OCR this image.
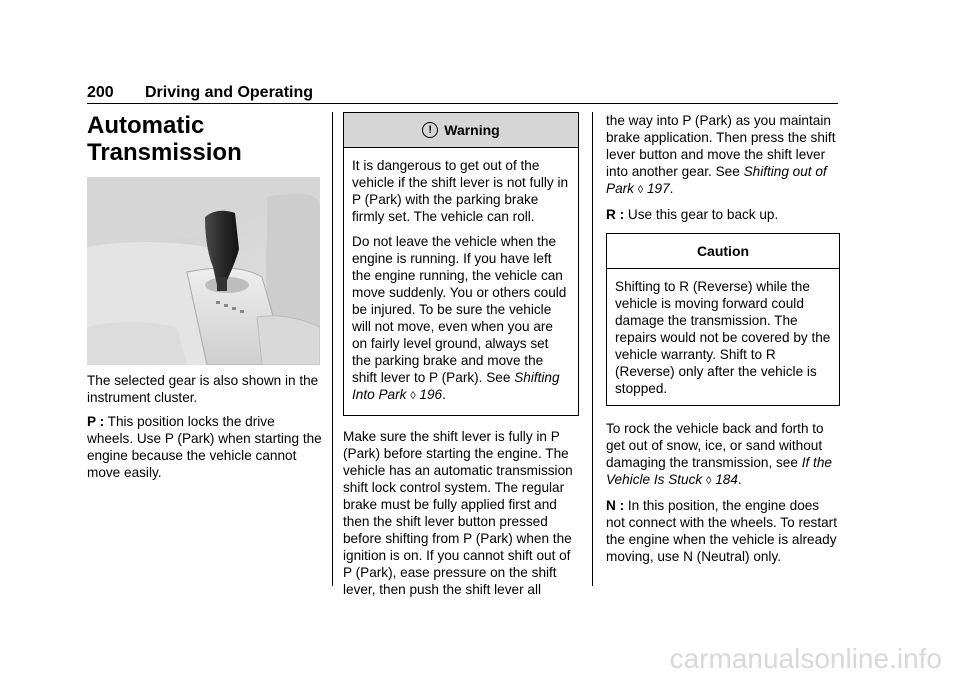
200 Driving and Operating
Automatic
Transmission

The selected gear is also shown in the instrument cluster.

P : This position locks the drive wheels. Use P (Park) when starting the engine because the vehicle cannot move easily.

! Warning

It is dangerous to get out of the vehicle if the shift lever is not fully in P (Park) with the parking brake firmly set. The vehicle can roll.

Do not leave the vehicle when the engine is running. If you have left the engine running, the vehicle can move suddenly. You or others could be injured. To be sure the vehicle will not move, even when you are on fairly level ground, always set the parking brake and move the shift lever to P (Park). See Shifting Into Park ◊ 196.

Make sure the shift lever is fully in P (Park) before starting the engine. The vehicle has an automatic transmission shift lock control system. The regular brake must be fully applied first and then the shift lever button pressed before shifting from P (Park) when the ignition is on. If you cannot shift out of P (Park), ease pressure on the shift lever, then push the shift lever all

the way into P (Park) as you maintain brake application. Then press the shift lever button and move the shift lever into another gear. See Shifting out of Park ◊ 197.

R : Use this gear to back up.

Caution

Shifting to R (Reverse) while the vehicle is moving forward could damage the transmission. The repairs would not be covered by the vehicle warranty. Shift to R (Reverse) only after the vehicle is stopped.

To rock the vehicle back and forth to get out of snow, ice, or sand without damaging the transmission, see If the Vehicle Is Stuck ◊ 184.

N : In this position, the engine does not connect with the wheels. To restart the engine when the vehicle is already moving, use N (Neutral) only.

carmanualsonline.info
